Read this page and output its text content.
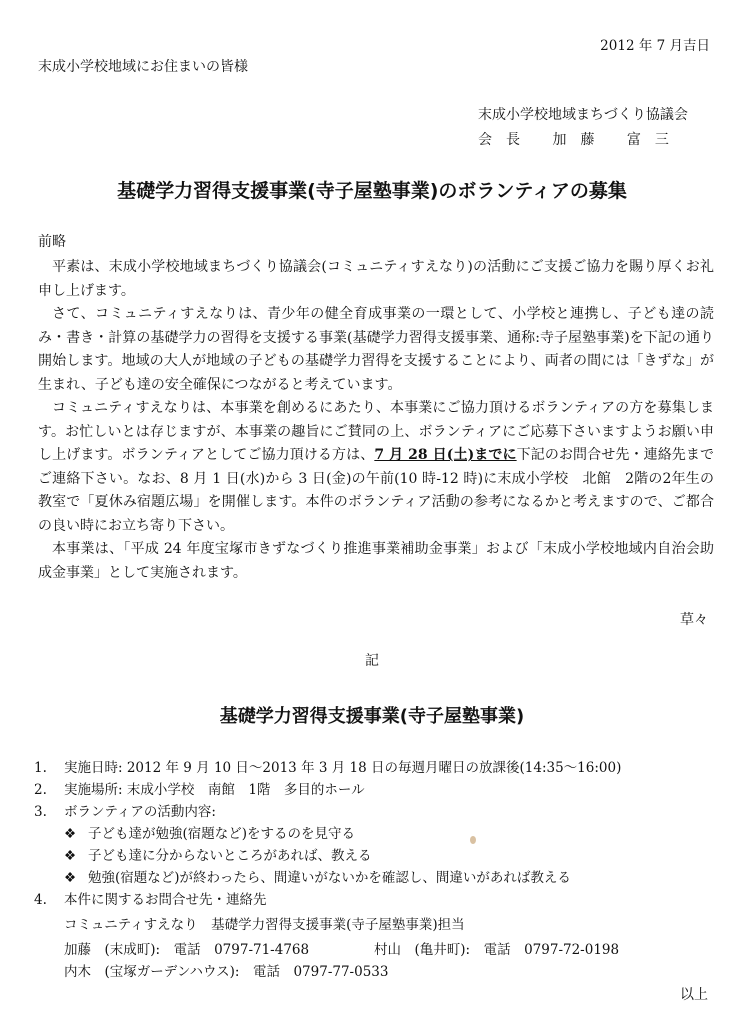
2012 年 7 月吉日
末成小学校地域にお住まいの皆様
末成小学校地域まちづくり協議会
会長 加藤 富三
基礎学力習得支援事業(寺子屋塾事業)のボランティアの募集
前略

平素は、末成小学校地域まちづくり協議会(コミュニティすえなり)の活動にご支援ご協力を賜り厚くお礼申し上げます。

さて、コミュニティすえなりは、青少年の健全育成事業の一環として、小学校と連携し、子ども達の読み・書き・計算の基礎学力の習得を支援する事業(基礎学力習得支援事業、通称:寺子屋塾事業)を下記の通り開始します。地域の大人が地域の子どもの基礎学力習得を支援することにより、両者の間には「きずな」が生まれ、子ども達の安全確保につながると考えています。

コミュニティすえなりは、本事業を創めるにあたり、本事業にご協力頂けるボランティアの方を募集します。お忙しいとは存じますが、本事業の趣旨にご賛同の上、ボランティアにご応募下さいますようお願い申し上げます。ボランティアとしてご協力頂ける方は、7 月 28 日(土)までに下記のお問合せ先・連絡先までご連絡下さい。なお、8 月 1 日(水)から 3 日(金)の午前(10 時-12 時)に末成小学校　北館　2階の2年生の教室で「夏休み宿題広場」を開催します。本件のボランティア活動の参考になるかと考えますので、ご都合の良い時にお立ち寄り下さい。

本事業は、「平成 24 年度宝塚市きずなづくり推進事業補助金事業」および「末成小学校地域内自治会助成金事業」として実施されます。

草々
記
基礎学力習得支援事業(寺子屋塾事業)
1.	実施日時: 2012 年 9 月 10 日～2013 年 3 月 18 日の毎週月曜日の放課後(14:35～16:00)
2.	実施場所: 末成小学校　南館　1階　多目的ホール
3.	ボランティアの活動内容:
❖ 子ども達が勉強(宿題など)をするのを見守る
❖ 子ども達に分からないところがあれば、教える
❖ 勉強(宿題など)が終わったら、間違いがないかを確認し、間違いがあれば教える
4.	本件に関するお問合せ先・連絡先
コミュニティすえなり　基礎学力習得支援事業(寺子屋塾事業)担当
加藤　(末成町):　電話　0797-71-4768	村山　(亀井町):　電話　0797-72-0198
内木　(宝塚ガーデンハウス):　電話　0797-77-0533
以上
